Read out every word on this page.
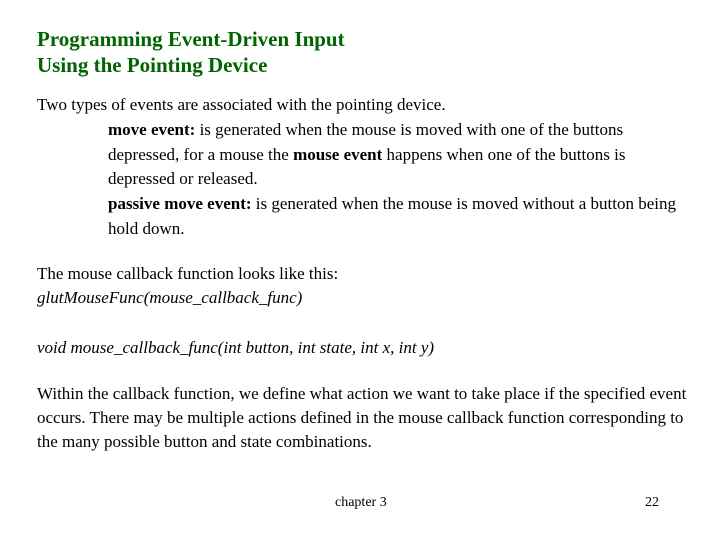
Programming Event-Driven Input
Using the Pointing Device
Two types of events are associated with the pointing device.
move event: is generated when the mouse is moved with one of the buttons depressed, for a mouse the mouse event happens when one of the buttons is depressed or released.
passive move event: is generated when the mouse is moved without a button being hold down.
The mouse callback function looks like this:
glutMouseFunc(mouse_callback_func)
void mouse_callback_func(int button, int state, int x, int y)
Within the callback function, we define what action we want to take place if the specified event occurs. There may be multiple actions defined in the mouse callback function corresponding to the many possible button and state combinations.
chapter 3	22
